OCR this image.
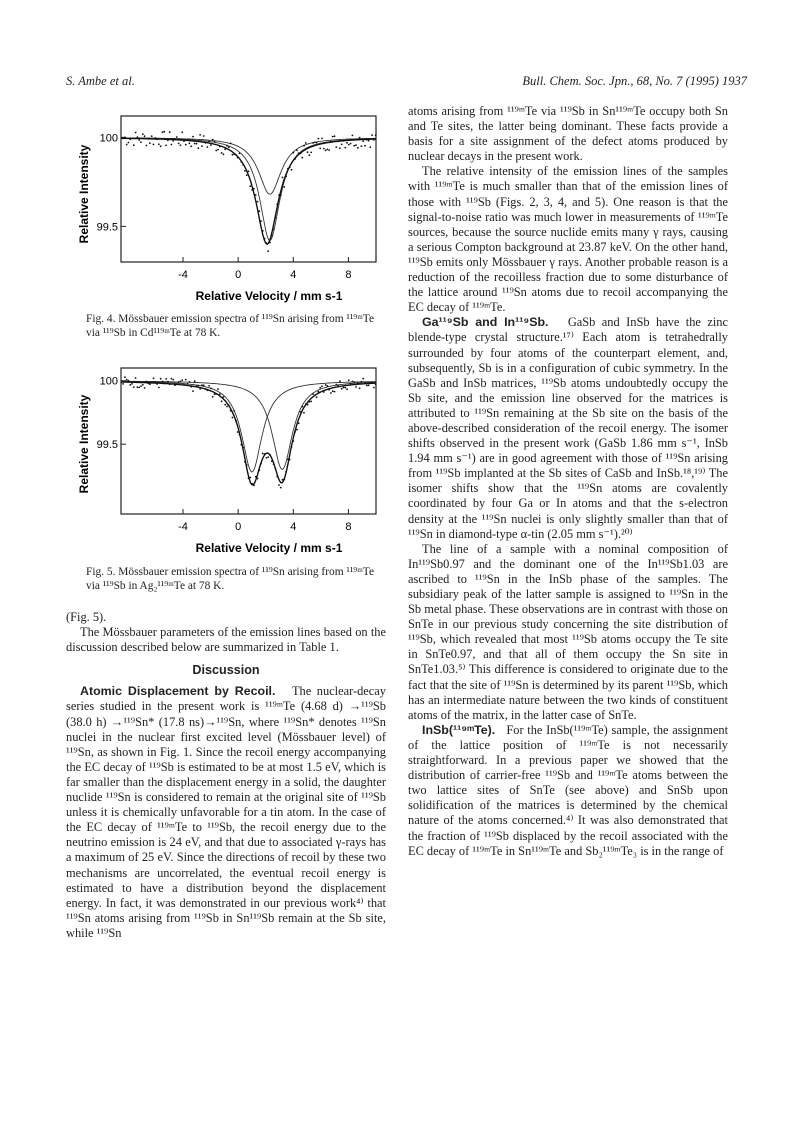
S. Ambe et al.	Bull. Chem. Soc. Jpn., 68, No. 7 (1995) 1937
Relative Intensity
Relative Velocity / mm s-1
-4	0	4	8
100
99.5
Fig. 4. Mössbauer emission spectra of ¹¹⁹Sn arising from ¹¹⁹ᵐTe via ¹¹⁹Sb in Cd¹¹⁹ᵐTe at 78 K.
Relative Intensity
Relative Velocity / mm s-1
-4	0	4	8
100
99.5
Fig. 5. Mössbauer emission spectra of ¹¹⁹Sn arising from ¹¹⁹ᵐTe via ¹¹⁹Sb in Ag₂¹¹⁹ᵐTe at 78 K.

(Fig. 5).

The Mössbauer parameters of the emission lines based on the discussion described below are summarized in Table 1.

Discussion

Atomic Displacement by Recoil. The nuclear-decay series studied in the present work is ¹¹⁹ᵐTe (4.68 d) →¹¹⁹Sb (38.0 h) →¹¹⁹Sn* (17.8 ns)→¹¹⁹Sn, where ¹¹⁹Sn* denotes ¹¹⁹Sn nuclei in the nuclear first excited level (Mössbauer level) of ¹¹⁹Sn, as shown in Fig. 1. Since the recoil energy accompanying the EC decay of ¹¹⁹Sb is estimated to be at most 1.5 eV, which is far smaller than the displacement energy in a solid, the daughter nuclide ¹¹⁹Sn is considered to remain at the original site of ¹¹⁹Sb unless it is chemically unfavorable for a tin atom. In the case of the EC decay of ¹¹⁹ᵐTe to ¹¹⁹Sb, the recoil energy due to the neutrino emission is 24 eV, and that due to associated γ-rays has a maximum of 25 eV. Since the directions of recoil by these two mechanisms are uncorrelated, the eventual recoil energy is estimated to have a distribution beyond the displacement energy. In fact, it was demonstrated in our previous work⁴⁾ that ¹¹⁹Sn atoms arising from ¹¹⁹Sb in Sn¹¹⁹Sb remain at the Sb site, while ¹¹⁹Sn

atoms arising from ¹¹⁹ᵐTe via ¹¹⁹Sb in Sn¹¹⁹ᵐTe occupy both Sn and Te sites, the latter being dominant. These facts provide a basis for a site assignment of the defect atoms produced by nuclear decays in the present work.

The relative intensity of the emission lines of the samples with ¹¹⁹ᵐTe is much smaller than that of the emission lines of those with ¹¹⁹Sb (Figs. 2, 3, 4, and 5). One reason is that the signal-to-noise ratio was much lower in measurements of ¹¹⁹ᵐTe sources, because the source nuclide emits many γ rays, causing a serious Compton background at 23.87 keV. On the other hand, ¹¹⁹Sb emits only Mössbauer γ rays. Another probable reason is a reduction of the recoilless fraction due to some disturbance of the lattice around ¹¹⁹Sn atoms due to recoil accompanying the EC decay of ¹¹⁹ᵐTe.

Ga¹¹⁹Sb and In¹¹⁹Sb. GaSb and InSb have the zinc blende-type crystal structure.¹⁷⁾ Each atom is tetrahedrally surrounded by four atoms of the counterpart element, and, subsequently, Sb is in a configuration of cubic symmetry. In the GaSb and InSb matrices, ¹¹⁹Sb atoms undoubtedly occupy the Sb site, and the emission line observed for the matrices is attributed to ¹¹⁹Sn remaining at the Sb site on the basis of the above-described consideration of the recoil energy. The isomer shifts observed in the present work (GaSb 1.86 mm s⁻¹, InSb 1.94 mm s⁻¹) are in good agreement with those of ¹¹⁹Sn arising from ¹¹⁹Sb implanted at the Sb sites of CaSb and InSb.¹⁸,¹⁹⁾ The isomer shifts show that the ¹¹⁹Sn atoms are covalently coordinated by four Ga or In atoms and that the s-electron density at the ¹¹⁹Sn nuclei is only slightly smaller than that of ¹¹⁹Sn in diamond-type α-tin (2.05 mm s⁻¹).²⁰⁾

The line of a sample with a nominal composition of In¹¹⁹Sb0.97 and the dominant one of the In¹¹⁹Sb1.03 are ascribed to ¹¹⁹Sn in the InSb phase of the samples. The subsidiary peak of the latter sample is assigned to ¹¹⁹Sn in the Sb metal phase. These observations are in contrast with those on SnTe in our previous study concerning the site distribution of ¹¹⁹Sb, which revealed that most ¹¹⁹Sb atoms occupy the Te site in SnTe0.97, and that all of them occupy the Sn site in SnTe1.03.⁵⁾ This difference is considered to originate due to the fact that the site of ¹¹⁹Sn is determined by its parent ¹¹⁹Sb, which has an intermediate nature between the two kinds of constituent atoms of the matrix, in the latter case of SnTe.

InSb(¹¹⁹ᵐTe). For the InSb(¹¹⁹ᵐTe) sample, the assignment of the lattice position of ¹¹⁹ᵐTe is not necessarily straightforward. In a previous paper we showed that the distribution of carrier-free ¹¹⁹Sb and ¹¹⁹ᵐTe atoms between the two lattice sites of SnTe (see above) and SnSb upon solidification of the matrices is determined by the chemical nature of the atoms concerned.⁴⁾ It was also demonstrated that the fraction of ¹¹⁹Sb displaced by the recoil associated with the EC decay of ¹¹⁹ᵐTe in Sn¹¹⁹ᵐTe and Sb₂¹¹⁹ᵐTe₃ is in the range of
